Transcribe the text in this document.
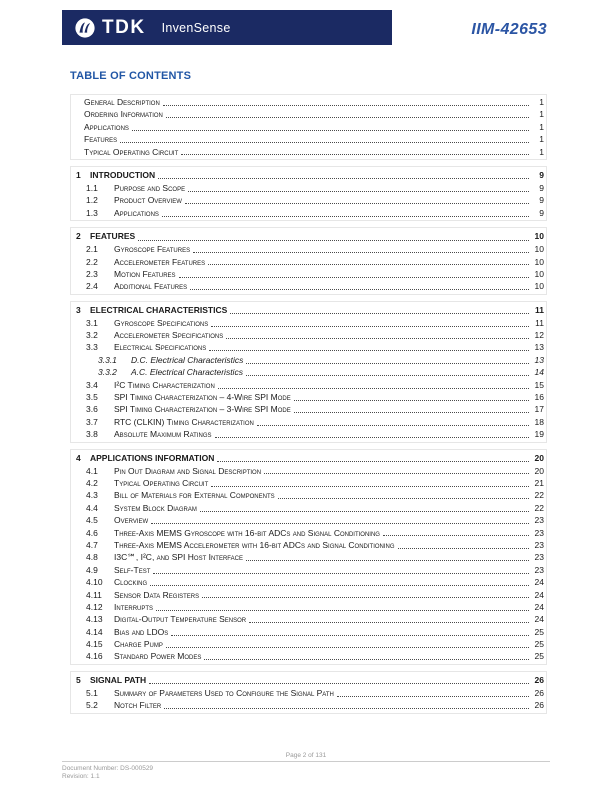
TDK InvenSense	IIM-42653
TABLE OF CONTENTS
General Description	1
Ordering Information	1
Applications	1
Features	1
Typical Operating Circuit	1
1	INTRODUCTION	9
1.1	Purpose and Scope	9
1.2	Product Overview	9
1.3	Applications	9
2	FEATURES	10
2.1	Gyroscope Features	10
2.2	Accelerometer Features	10
2.3	Motion Features	10
2.4	Additional Features	10
3	ELECTRICAL CHARACTERISTICS	11
3.1	Gyroscope Specifications	11
3.2	Accelerometer Specifications	12
3.3	Electrical Specifications	13
3.3.1	D.C. Electrical Characteristics	13
3.3.2	A.C. Electrical Characteristics	14
3.4	I²C Timing Characterization	15
3.5	SPI Timing Characterization – 4-Wire SPI Mode	16
3.6	SPI Timing Characterization – 3-Wire SPI Mode	17
3.7	RTC (CLKIN) Timing Characterization	18
3.8	Absolute Maximum Ratings	19
4	APPLICATIONS INFORMATION	20
4.1	Pin Out Diagram and Signal Description	20
4.2	Typical Operating Circuit	21
4.3	Bill of Materials for External Components	22
4.4	System Block Diagram	22
4.5	Overview	23
4.6	Three-Axis MEMS Gyroscope with 16-bit ADCs and Signal Conditioning	23
4.7	Three-Axis MEMS Accelerometer with 16-bit ADCs and Signal Conditioning	23
4.8	I3C℠, I²C, and SPI Host Interface	23
4.9	Self-Test	23
4.10	Clocking	24
4.11	Sensor Data Registers	24
4.12	Interrupts	24
4.13	Digital-Output Temperature Sensor	24
4.14	Bias and LDOs	25
4.15	Charge Pump	25
4.16	Standard Power Modes	25
5	SIGNAL PATH	26
5.1	Summary of Parameters Used to Configure the Signal Path	26
5.2	Notch Filter	26
Page 2 of 131
Document Number: DS-000529
Revision: 1.1
